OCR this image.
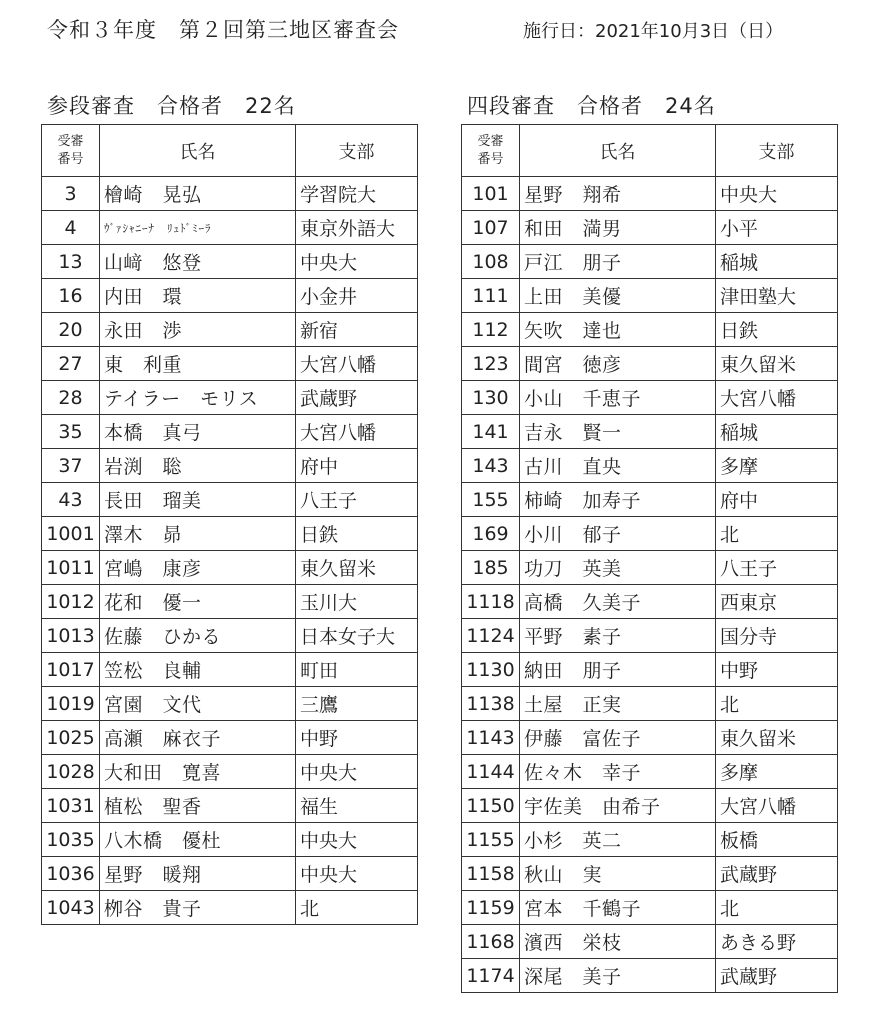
令和３年度　第２回第三地区審査会	施行日：2021年10月3日（日）
参段審査 合格者 22名	四段審査 合格者 24名
受審
番号	氏名	支部
3	檜崎　晃弘	学習院大
4	ｳﾞｧｼｬﾆｰﾅ　ﾘｭﾄﾞﾐｰﾗ	東京外語大
13	山﨑　悠登	中央大
16	内田　環	小金井
20	永田　渉	新宿
27	東　利重	大宮八幡
28	テイラー　モリス	武蔵野
35	本橋　真弓	大宮八幡
37	岩渕　聡	府中
43	長田　瑠美	八王子
1001	澤木　昴	日鉄
1011	宮嶋　康彦	東久留米
1012	花和　優一	玉川大
1013	佐藤　ひかる	日本女子大
1017	笠松　良輔	町田
1019	宮園　文代	三鷹
1025	高瀬　麻衣子	中野
1028	大和田　寛喜	中央大
1031	植松　聖香	福生
1035	八木橋　優杜	中央大
1036	星野　暖翔	中央大
1043	栁谷　貴子	北
受審
番号	氏名	支部
101	星野　翔希	中央大
107	和田　満男	小平
108	戸江　朋子	稲城
111	上田　美優	津田塾大
112	矢吹　達也	日鉄
123	間宮　徳彦	東久留米
130	小山　千恵子	大宮八幡
141	吉永　賢一	稲城
143	古川　直央	多摩
155	柿崎　加寿子	府中
169	小川　郁子	北
185	功刀　英美	八王子
1118	高橋　久美子	西東京
1124	平野　素子	国分寺
1130	納田　朋子	中野
1138	土屋　正実	北
1143	伊藤　富佐子	東久留米
1144	佐々木　幸子	多摩
1150	宇佐美　由希子	大宮八幡
1155	小杉　英二	板橋
1158	秋山　実	武蔵野
1159	宮本　千鶴子	北
1168	濱西　栄枝	あきる野
1174	深尾　美子	武蔵野
